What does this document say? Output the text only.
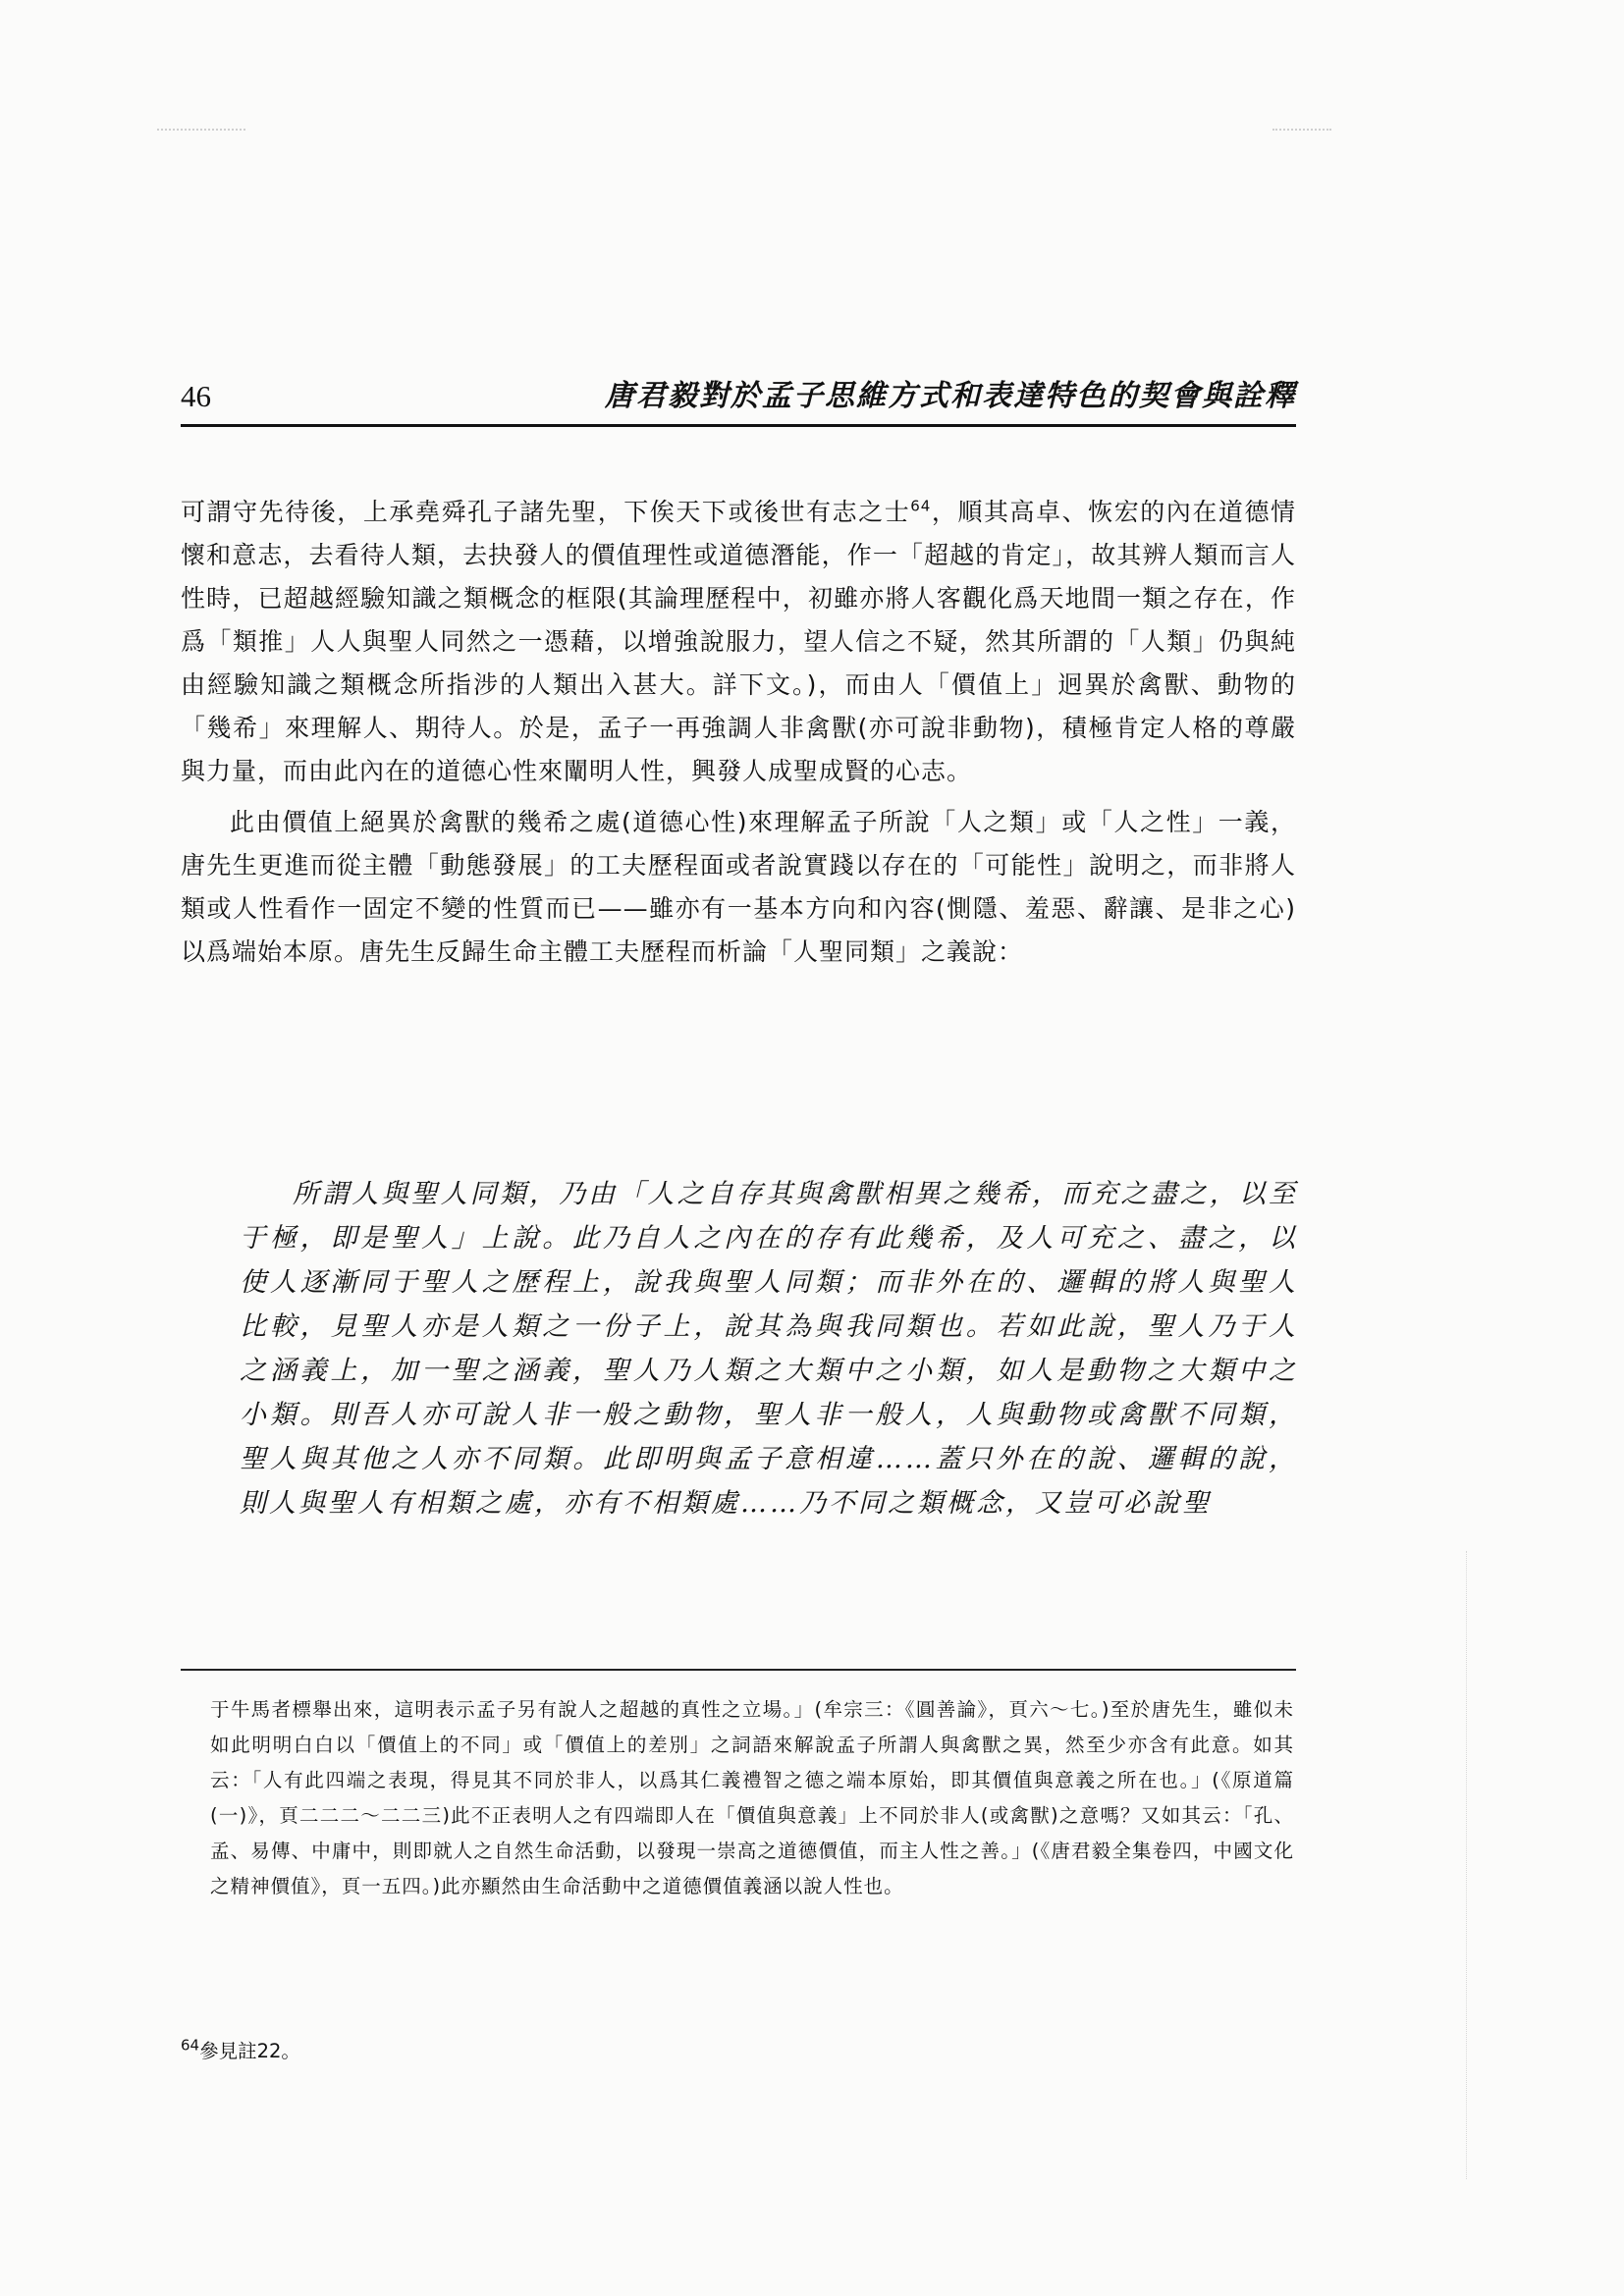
46	唐君毅對於孟子思維方式和表達特色的契會與詮釋

可謂守先待後，上承堯舜孔子諸先聖，下俟天下或後世有志之士$^{64}$，順其高卓、恢宏的內在道德情懷和意志，去看待人類，去抉發人的價值理性或道德潛能，作一「超越的肯定」，故其辨人類而言人性時，已超越經驗知識之類概念的框限(其論理歷程中，初雖亦將人客觀化爲天地間一類之存在，作爲「類推」人人與聖人同然之一憑藉，以增強說服力，望人信之不疑，然其所謂的「人類」仍與純由經驗知識之類概念所指涉的人類出入甚大。詳下文。)，而由人「價值上」迥異於禽獸、動物的「幾希」來理解人、期待人。於是，孟子一再強調人非禽獸(亦可說非動物)，積極肯定人格的尊嚴與力量，而由此內在的道德心性來闡明人性，興發人成聖成賢的心志。

此由價值上絕異於禽獸的幾希之處(道德心性)來理解孟子所說「人之類」或「人之性」一義，唐先生更進而從主體「動態發展」的工夫歷程面或者說實踐以存在的「可能性」說明之，而非將人類或人性看作一固定不變的性質而已——雖亦有一基本方向和內容(惻隱、羞惡、辭讓、是非之心)以爲端始本原。唐先生反歸生命主體工夫歷程而析論「人聖同類」之義說：

所謂人與聖人同類，乃由「人之自存其與禽獸相異之幾希，而充之盡之，以至于極，即是聖人」上說。此乃自人之內在的存有此幾希，及人可充之、盡之，以使人逐漸同于聖人之歷程上，說我與聖人同類；而非外在的、邏輯的將人與聖人比較，見聖人亦是人類之一份子上，說其為與我同類也。若如此說，聖人乃于人之涵義上，加一聖之涵義，聖人乃人類之大類中之小類，如人是動物之大類中之小類。則吾人亦可說人非一般之動物，聖人非一般人，人與動物或禽獸不同類，聖人與其他之人亦不同類。此即明與孟子意相違……蓋只外在的說、邏輯的說，則人與聖人有相類之處，亦有不相類處……乃不同之類概念，又豈可必說聖

于牛馬者標舉出來，這明表示孟子另有說人之超越的真性之立場。」(牟宗三：《圓善論》，頁六～七。)至於唐先生，雖似未如此明明白白以「價值上的不同」或「價值上的差別」之詞語來解說孟子所謂人與禽獸之異，然至少亦含有此意。如其云：「人有此四端之表現，得見其不同於非人，以爲其仁義禮智之德之端本原始，即其價值與意義之所在也。」(《原道篇(一)》，頁二二二～二二三)此不正表明人之有四端即人在「價值與意義」上不同於非人(或禽獸)之意嗎？又如其云：「孔、孟、易傳、中庸中，則即就人之自然生命活動，以發現一崇高之道德價值，而主人性之善。」(《唐君毅全集卷四，中國文化之精神價值》，頁一五四。)此亦顯然由生命活動中之道德價值義涵以說人性也。

$^{64}$參見註22。
